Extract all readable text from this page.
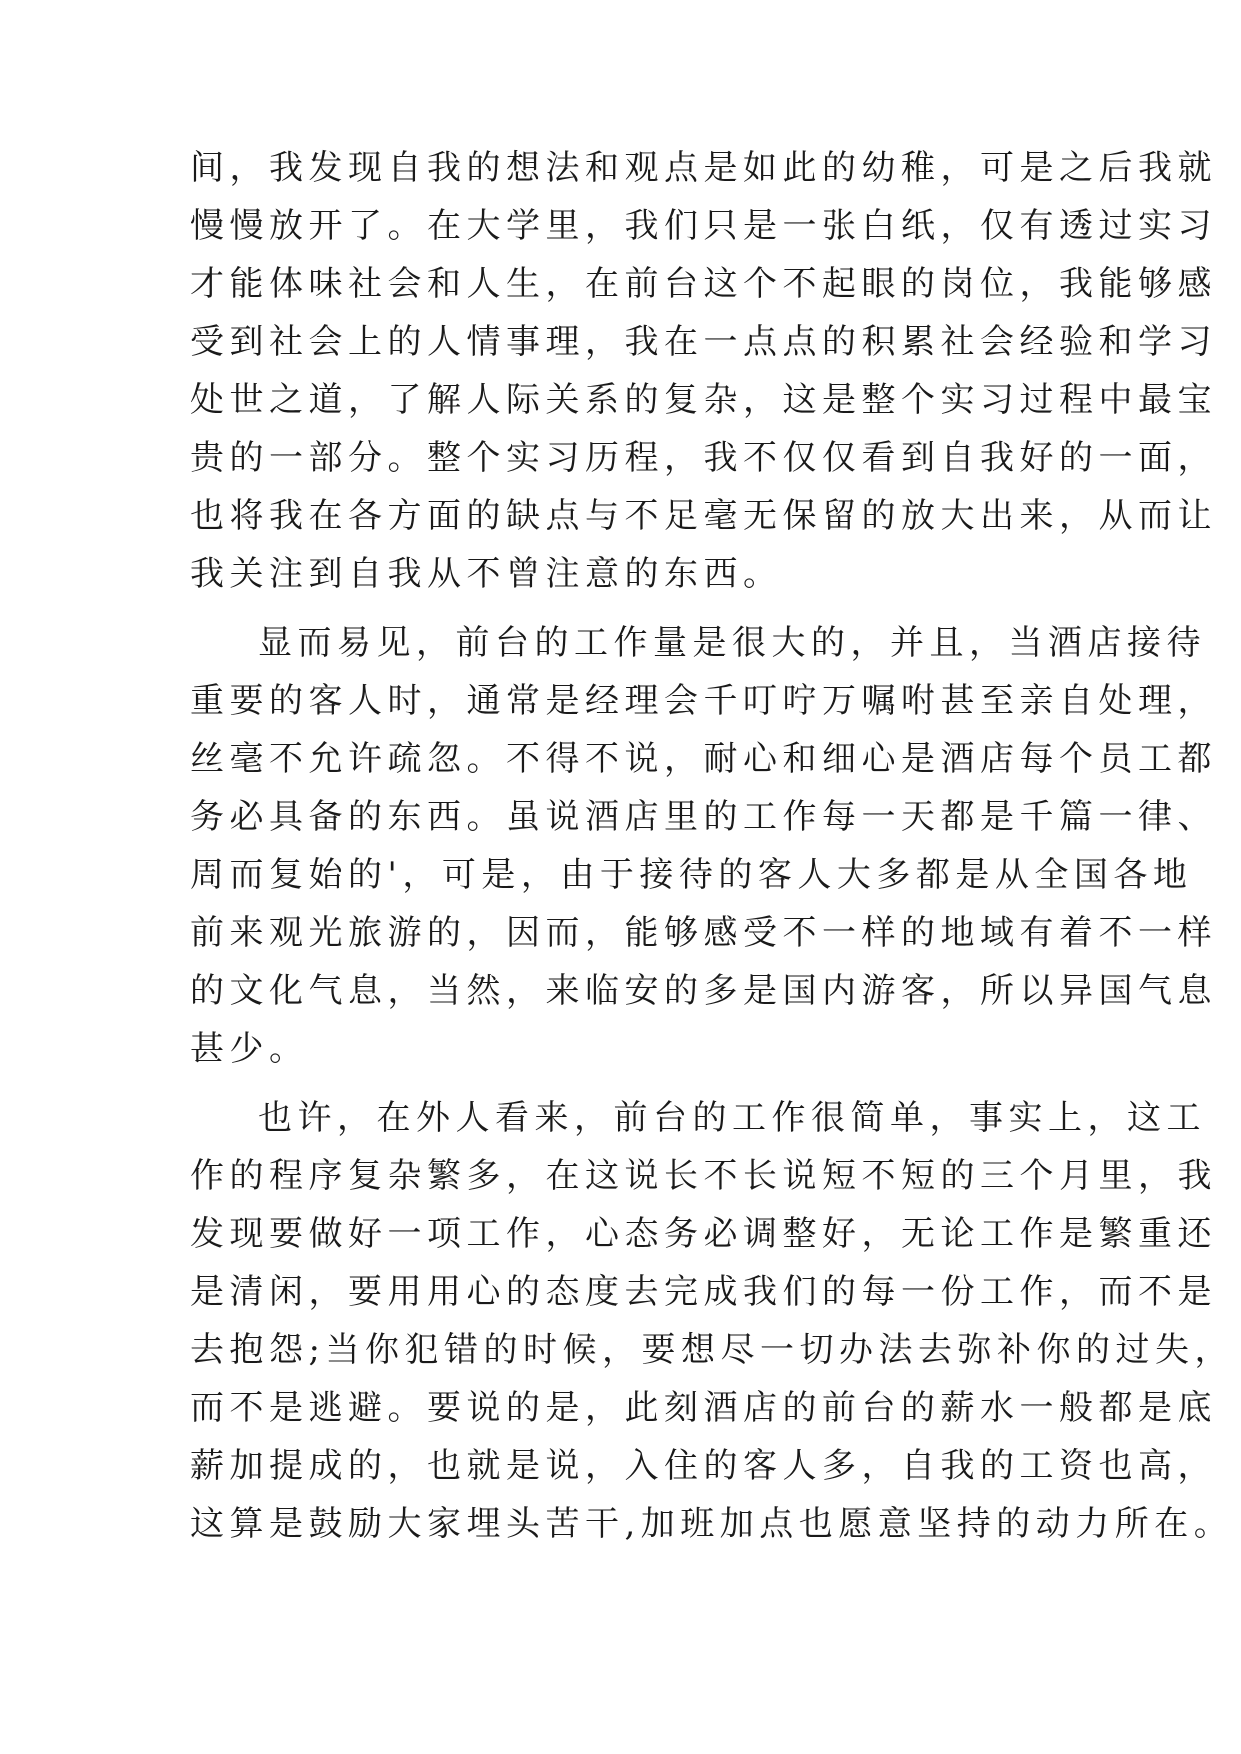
间，我发现自我的想法和观点是如此的幼稚，可是之后我就
慢慢放开了。在大学里，我们只是一张白纸，仅有透过实习
才能体味社会和人生，在前台这个不起眼的岗位，我能够感
受到社会上的人情事理，我在一点点的积累社会经验和学习
处世之道，了解人际关系的复杂，这是整个实习过程中最宝
贵的一部分。整个实习历程，我不仅仅看到自我好的一面，
也将我在各方面的缺点与不足毫无保留的放大出来，从而让
我关注到自我从不曾注意的东西。
显而易见，前台的工作量是很大的，并且，当酒店接待
重要的客人时，通常是经理会千叮咛万嘱咐甚至亲自处理，
丝毫不允许疏忽。不得不说，耐心和细心是酒店每个员工都
务必具备的东西。虽说酒店里的工作每一天都是千篇一律、
周而复始的'，可是，由于接待的客人大多都是从全国各地
前来观光旅游的，因而，能够感受不一样的地域有着不一样
的文化气息，当然，来临安的多是国内游客，所以异国气息
甚少。
也许，在外人看来，前台的工作很简单，事实上，这工
作的程序复杂繁多，在这说长不长说短不短的三个月里，我
发现要做好一项工作，心态务必调整好，无论工作是繁重还
是清闲，要用用心的态度去完成我们的每一份工作，而不是
去抱怨;当你犯错的时候，要想尽一切办法去弥补你的过失，
而不是逃避。要说的是，此刻酒店的前台的薪水一般都是底
薪加提成的，也就是说，入住的客人多，自我的工资也高，
这算是鼓励大家埋头苦干,加班加点也愿意坚持的动力所在。
